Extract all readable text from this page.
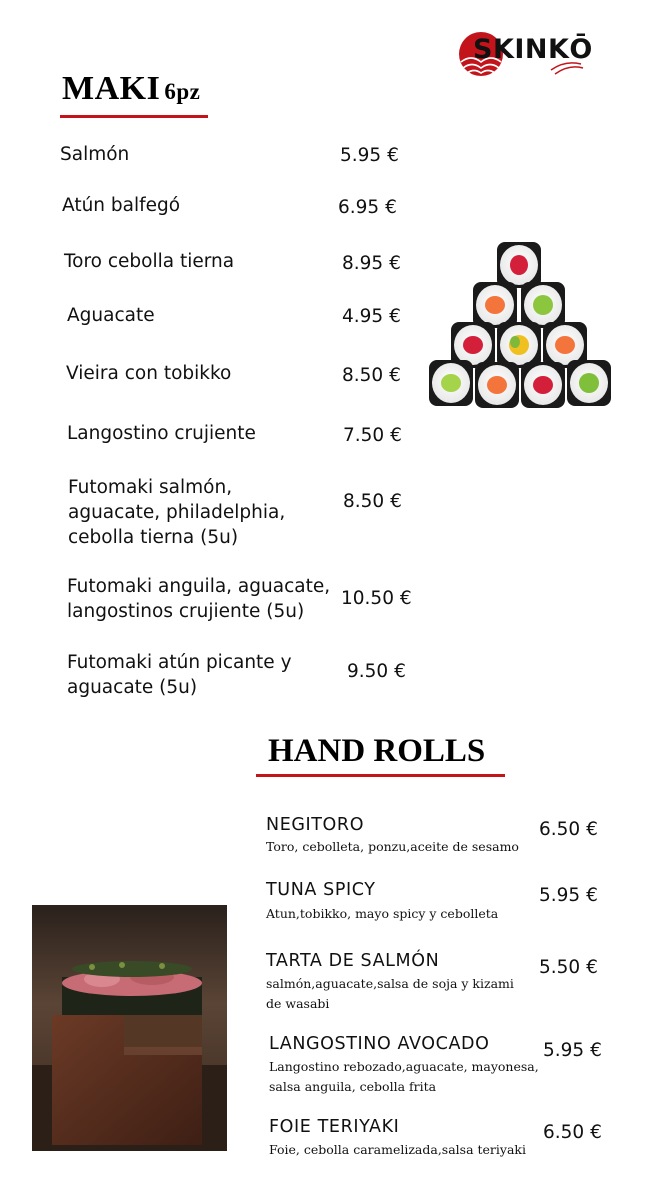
SKINKŌ
MAKI 6pz
Salmón	5.95 €
Atún balfegó	6.95 €
Toro cebolla tierna	8.95 €
Aguacate	4.95 €
Vieira con tobikko	8.50 €
Langostino crujiente	7.50 €
Futomaki salmón,
aguacate, philadelphia,
cebolla tierna (5u)
8.50 €
Futomaki anguila, aguacate,
langostinos crujiente (5u)
10.50 €
Futomaki atún picante y
aguacate (5u)
9.50 €
HAND ROLLS
NEGITORO
Toro, cebolleta, ponzu,aceite de sesamo
6.50 €
TUNA SPICY
Atun,tobikko, mayo spicy y cebolleta
5.95 €
TARTA DE SALMÓN
salmón,aguacate,salsa de soja y kizami
de wasabi
5.50 €
LANGOSTINO AVOCADO
Langostino rebozado,aguacate, mayonesa,
salsa anguila, cebolla frita
5.95 €
FOIE TERIYAKI
Foie, cebolla caramelizada,salsa teriyaki
6.50 €
